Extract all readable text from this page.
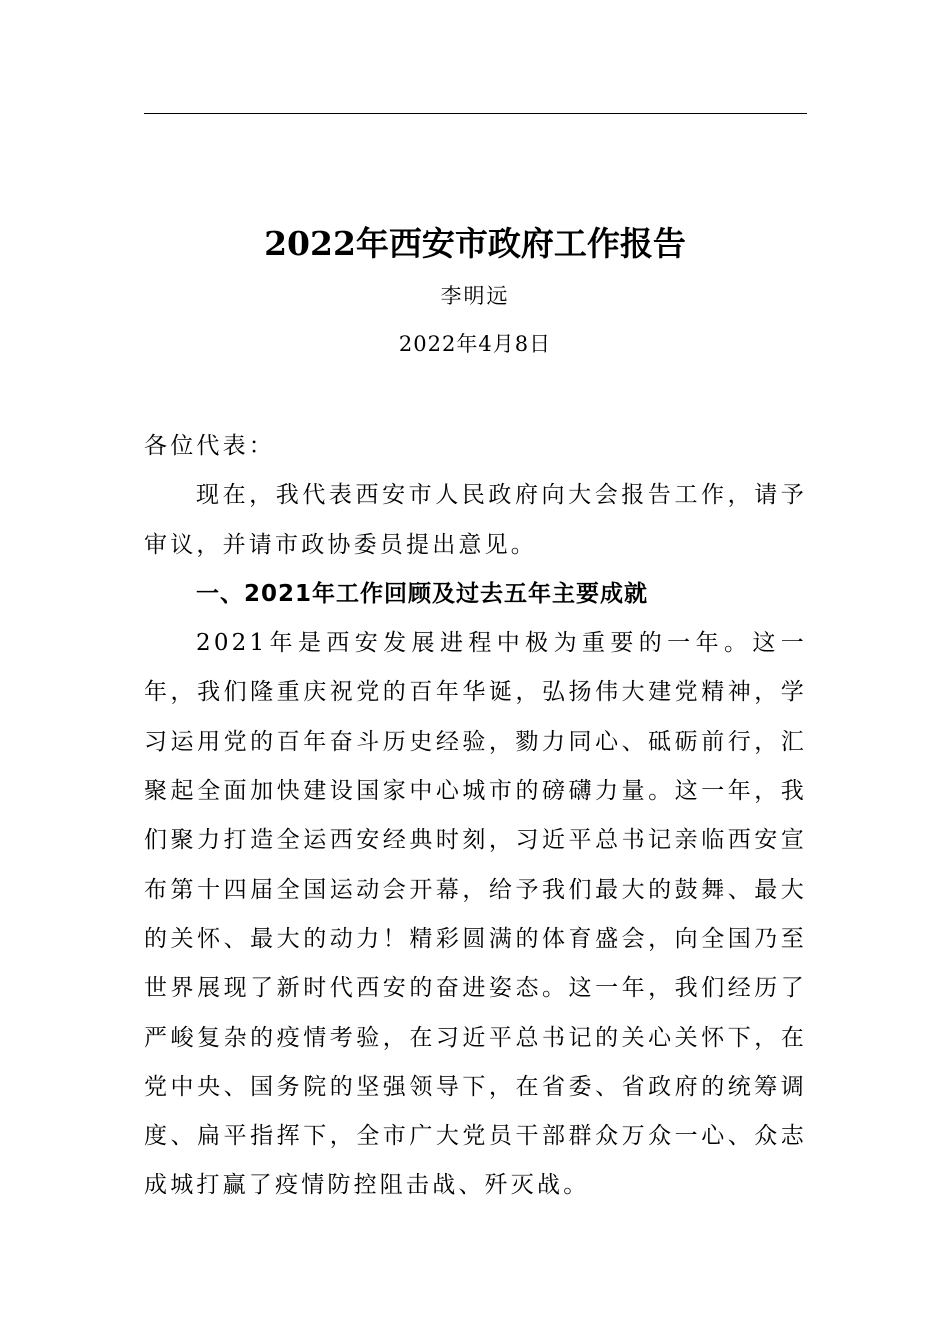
2022年西安市政府工作报告
李明远
2022年4月8日

各位代表：

现在，我代表西安市人民政府向大会报告工作，请予审议，并请市政协委员提出意见。

一、2021年工作回顾及过去五年主要成就

2021年是西安发展进程中极为重要的一年。这一年，我们隆重庆祝党的百年华诞，弘扬伟大建党精神，学习运用党的百年奋斗历史经验，勠力同心、砥砺前行，汇聚起全面加快建设国家中心城市的磅礴力量。这一年，我们聚力打造全运西安经典时刻，习近平总书记亲临西安宣布第十四届全国运动会开幕，给予我们最大的鼓舞、最大的关怀、最大的动力！精彩圆满的体育盛会，向全国乃至世界展现了新时代西安的奋进姿态。这一年，我们经历了严峻复杂的疫情考验，在习近平总书记的关心关怀下，在党中央、国务院的坚强领导下，在省委、省政府的统筹调度、扁平指挥下，全市广大党员干部群众万众一心、众志成城打赢了疫情防控阻击战、歼灭战。
